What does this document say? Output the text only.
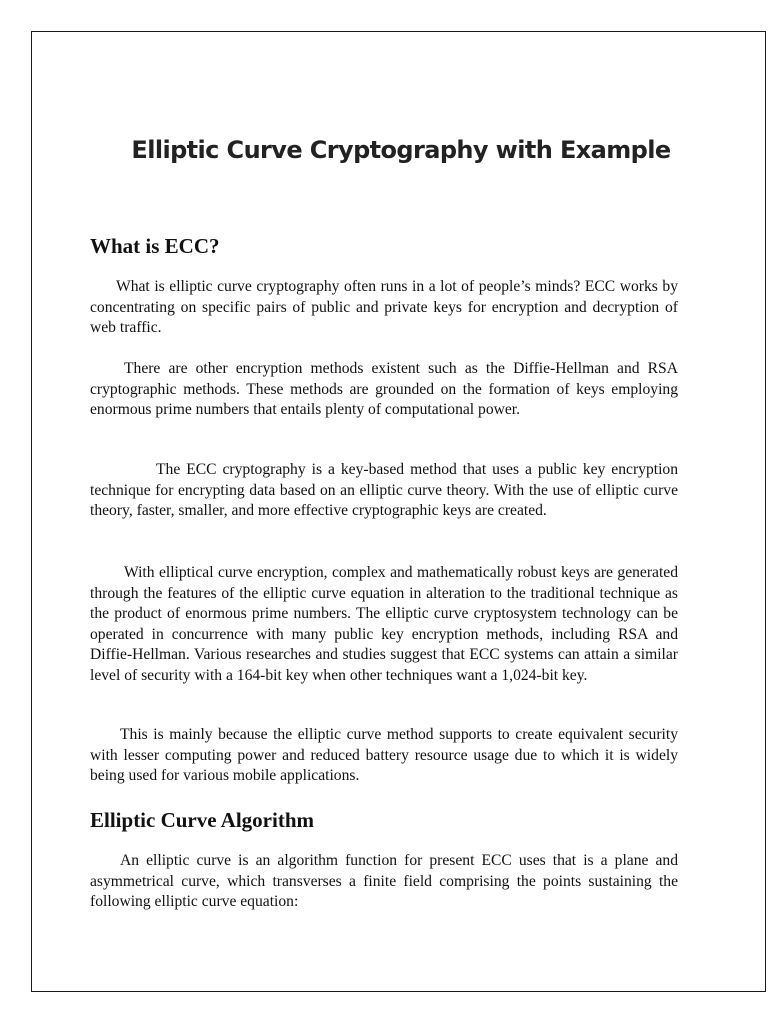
Elliptic Curve Cryptography with Example
What is ECC?

What is elliptic curve cryptography often runs in a lot of people’s minds? ECC works by concentrating on specific pairs of public and private keys for encryption and decryption of web traffic.

There are other encryption methods existent such as the Diffie-Hellman and RSA cryptographic methods. These methods are grounded on the formation of keys employing enormous prime numbers that entails plenty of computational power.

The ECC cryptography is a key-based method that uses a public key encryption technique for encrypting data based on an elliptic curve theory. With the use of elliptic curve theory, faster, smaller, and more effective cryptographic keys are created.

With elliptical curve encryption, complex and mathematically robust keys are generated through the features of the elliptic curve equation in alteration to the traditional technique as the product of enormous prime numbers. The elliptic curve cryptosystem technology can be operated in concurrence with many public key encryption methods, including RSA and Diffie-Hellman. Various researches and studies suggest that ECC systems can attain a similar level of security with a 164-bit key when other techniques want a 1,024-bit key.

This is mainly because the elliptic curve method supports to create equivalent security with lesser computing power and reduced battery resource usage due to which it is widely being used for various mobile applications.

Elliptic Curve Algorithm

An elliptic curve is an algorithm function for present ECC uses that is a plane and asymmetrical curve, which transverses a finite field comprising the points sustaining the following elliptic curve equation:
